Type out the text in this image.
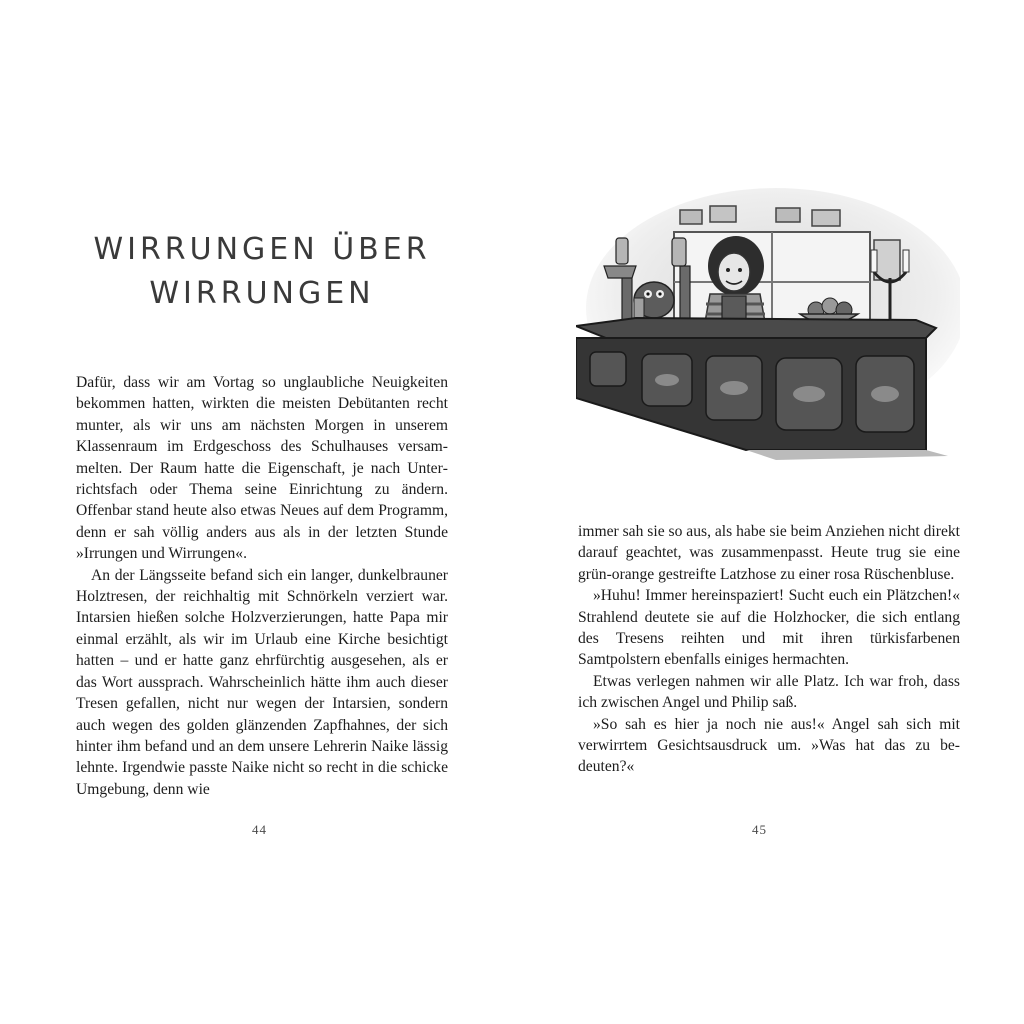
WIRRUNGEN ÜBER
WIRRUNGEN

Dafür, dass wir am Vortag so unglaubliche Neuigkeiten bekommen hatten, wirkten die meisten Debütanten recht munter, als wir uns am nächsten Morgen in unserem Klassenraum im Erdgeschoss des Schulhauses versammelten. Der Raum hatte die Eigenschaft, je nach Unterrichtsfach oder Thema seine Einrichtung zu ändern. Offenbar stand heute also etwas Neues auf dem Programm, denn er sah völlig anders aus als in der letzten Stunde »Irrungen und Wirrungen«.

An der Längsseite befand sich ein langer, dunkelbrauner Holztresen, der reichhaltig mit Schnörkeln verziert war. Intarsien hießen solche Holzverzierungen, hatte Papa mir einmal erzählt, als wir im Urlaub eine Kirche besichtigt hatten – und er hatte ganz ehrfürchtig ausgesehen, als er das Wort aussprach. Wahrscheinlich hätte ihm auch dieser Tresen gefallen, nicht nur wegen der Intarsien, sondern auch wegen des golden glänzenden Zapfhahnes, der sich hinter ihm befand und an dem unsere Lehrerin Naike lässig lehnte. Irgendwie passte Naike nicht so recht in die schicke Umgebung, denn wie

44

immer sah sie so aus, als habe sie beim Anziehen nicht direkt darauf geachtet, was zusammenpasst. Heute trug sie eine grün-orange gestreifte Latzhose zu einer rosa Rüschenbluse.

»Huhu! Immer hereinspaziert! Sucht euch ein Plätzchen!« Strahlend deutete sie auf die Holzhocker, die sich entlang des Tresens reihten und mit ihren türkisfarbenen Samtpolstern ebenfalls einiges hermachten.

Etwas verlegen nahmen wir alle Platz. Ich war froh, dass ich zwischen Angel und Philip saß.

»So sah es hier ja noch nie aus!« Angel sah sich mit verwirrtem Gesichtsausdruck um. »Was hat das zu bedeuten?«

45
